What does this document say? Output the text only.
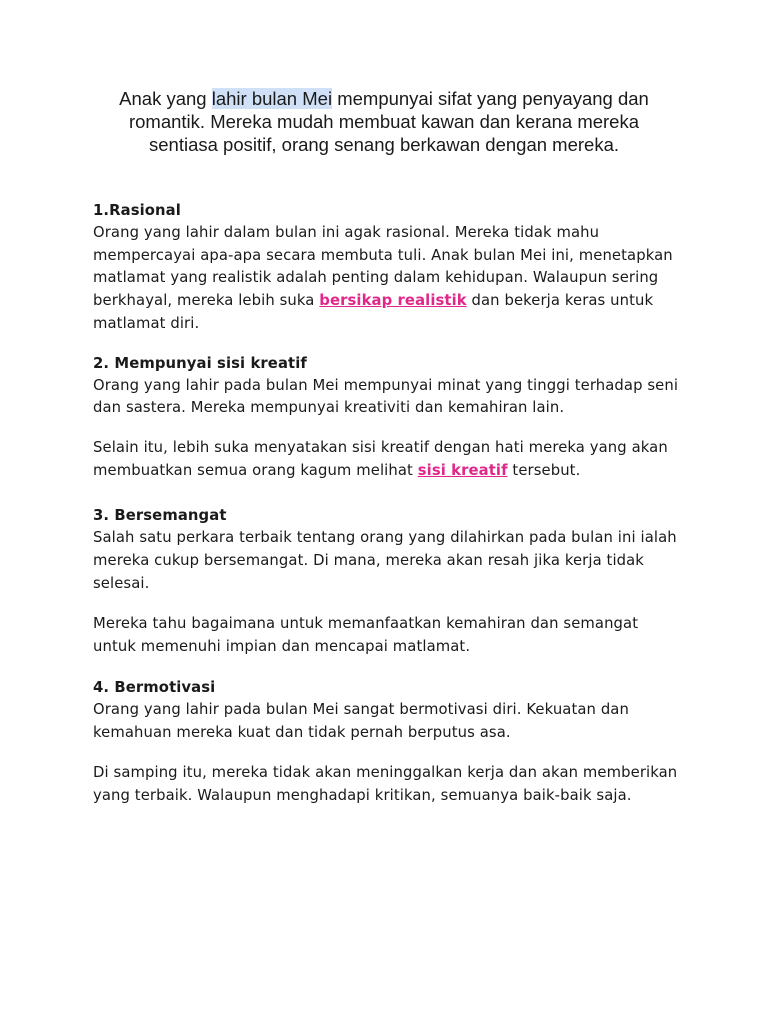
Anak yang lahir bulan Mei mempunyai sifat yang penyayang dan romantik. Mereka mudah membuat kawan dan kerana mereka sentiasa positif, orang senang berkawan dengan mereka.

1.Rasional

Orang yang lahir dalam bulan ini agak rasional. Mereka tidak mahu mempercayai apa-apa secara membuta tuli. Anak bulan Mei ini, menetapkan matlamat yang realistik adalah penting dalam kehidupan. Walaupun sering berkhayal, mereka lebih suka bersikap realistik dan bekerja keras untuk matlamat diri.

2. Mempunyai sisi kreatif

Orang yang lahir pada bulan Mei mempunyai minat yang tinggi terhadap seni dan sastera. Mereka mempunyai kreativiti dan kemahiran lain.

Selain itu, lebih suka menyatakan sisi kreatif dengan hati mereka yang akan membuatkan semua orang kagum melihat sisi kreatif tersebut.

3. Bersemangat

Salah satu perkara terbaik tentang orang yang dilahirkan pada bulan ini ialah mereka cukup bersemangat. Di mana, mereka akan resah jika kerja tidak selesai.

Mereka tahu bagaimana untuk memanfaatkan kemahiran dan semangat untuk memenuhi impian dan mencapai matlamat.

4. Bermotivasi

Orang yang lahir pada bulan Mei sangat bermotivasi diri. Kekuatan dan kemahuan mereka kuat dan tidak pernah berputus asa.

Di samping itu, mereka tidak akan meninggalkan kerja dan akan memberikan yang terbaik. Walaupun menghadapi kritikan, semuanya baik-baik saja.
